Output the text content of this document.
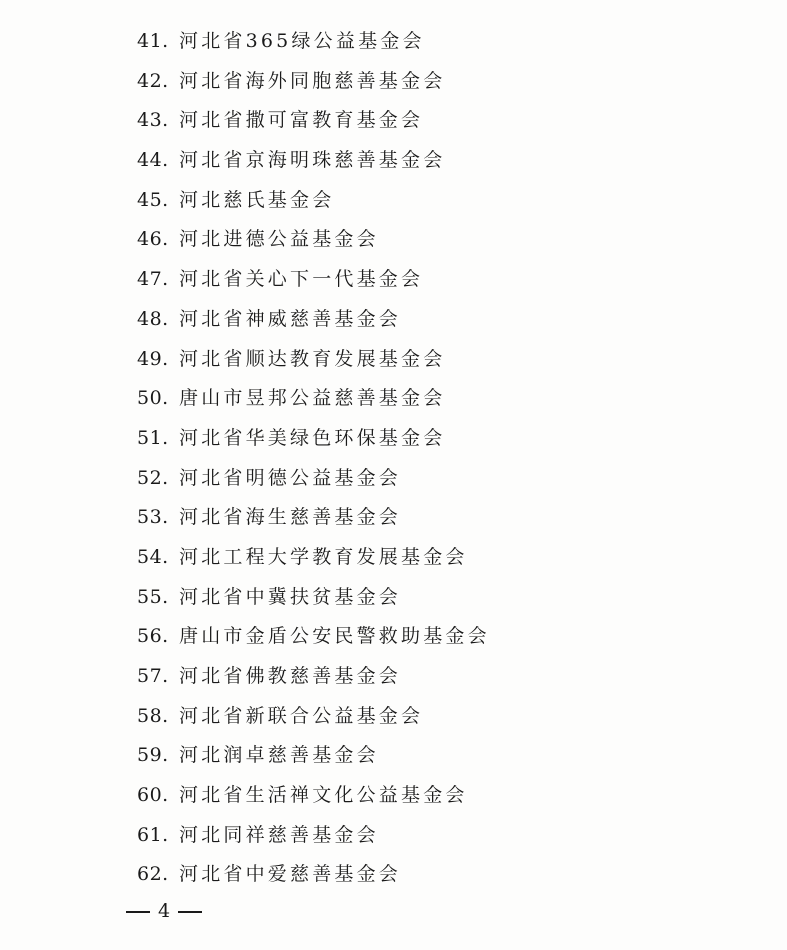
41. 河北省365绿公益基金会
42. 河北省海外同胞慈善基金会
43. 河北省撒可富教育基金会
44. 河北省京海明珠慈善基金会
45. 河北慈氏基金会
46. 河北进德公益基金会
47. 河北省关心下一代基金会
48. 河北省神威慈善基金会
49. 河北省顺达教育发展基金会
50. 唐山市昱邦公益慈善基金会
51. 河北省华美绿色环保基金会
52. 河北省明德公益基金会
53. 河北省海生慈善基金会
54. 河北工程大学教育发展基金会
55. 河北省中冀扶贫基金会
56. 唐山市金盾公安民警救助基金会
57. 河北省佛教慈善基金会
58. 河北省新联合公益基金会
59. 河北润卓慈善基金会
60. 河北省生活禅文化公益基金会
61. 河北同祥慈善基金会
62. 河北省中爱慈善基金会
4
